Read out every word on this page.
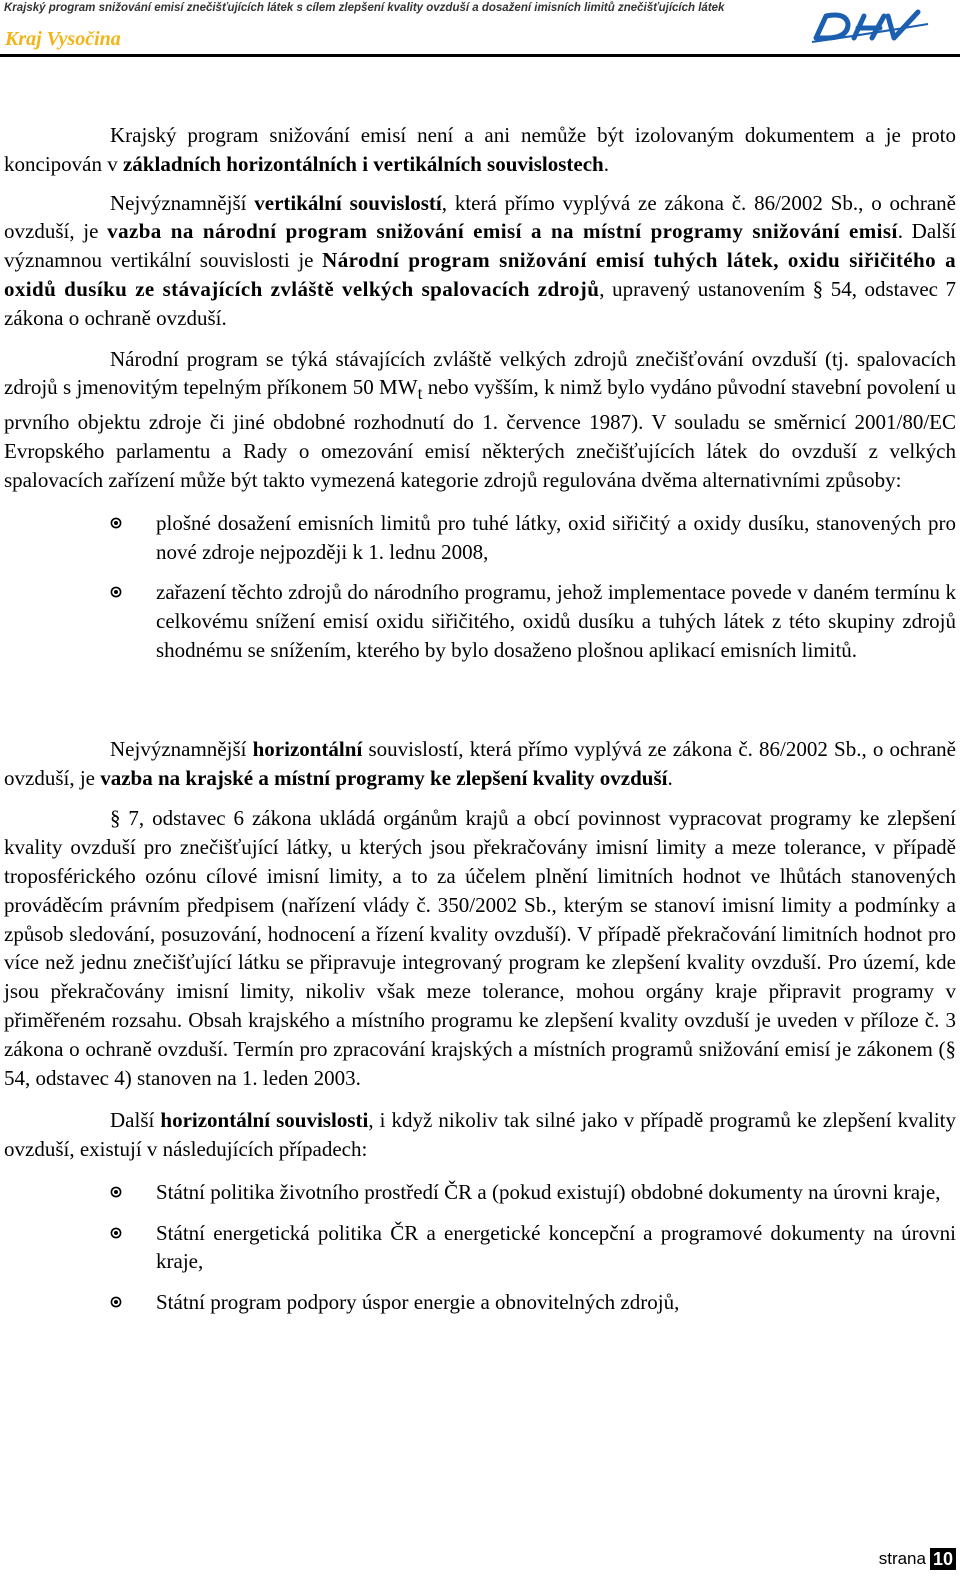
Krajský program snižování emisí znečišťujících látek s cílem zlepšení kvality ovzduší a dosažení imisních limitů znečišťujících látek
Kraj Vysočina

Krajský program snižování emisí není a ani nemůže být izolovaným dokumentem a je proto koncipován v základních horizontálních i vertikálních souvislostech.

Nejvýznamnější vertikální souvislostí, která přímo vyplývá ze zákona č. 86/2002 Sb., o ochraně ovzduší, je vazba na národní program snižování emisí a na místní programy snižování emisí. Další významnou vertikální souvislosti je Národní program snižování emisí tuhých látek, oxidu siřičitého a oxidů dusíku ze stávajících zvláště velkých spalovacích zdrojů, upravený ustanovením § 54, odstavec 7 zákona o ochraně ovzduší.

Národní program se týká stávajících zvláště velkých zdrojů znečišťování ovzduší (tj. spalovacích zdrojů s jmenovitým tepelným příkonem 50 $MW_t$ nebo vyšším, k nimž bylo vydáno původní stavební povolení u prvního objektu zdroje či jiné obdobné rozhodnutí do 1. července 1987). V souladu se směrnicí 2001/80/EC Evropského parlamentu a Rady o omezování emisí některých znečišťujících látek do ovzduší z velkých spalovacích zařízení může být takto vymezená kategorie zdrojů regulována dvěma alternativními způsoby:

plošné dosažení emisních limitů pro tuhé látky, oxid siřičitý a oxidy dusíku, stanovených pro nové zdroje nejpozději k 1. lednu 2008,

zařazení těchto zdrojů do národního programu, jehož implementace povede v daném termínu k celkovému snížení emisí oxidu siřičitého, oxidů dusíku a tuhých látek z této skupiny zdrojů shodnému se snížením, kterého by bylo dosaženo plošnou aplikací emisních limitů.

Nejvýznamnější horizontální souvislostí, která přímo vyplývá ze zákona č. 86/2002 Sb., o ochraně ovzduší, je vazba na krajské a místní programy ke zlepšení kvality ovzduší.

§ 7, odstavec 6 zákona ukládá orgánům krajů a obcí povinnost vypracovat programy ke zlepšení kvality ovzduší pro znečišťující látky, u kterých jsou překračovány imisní limity a meze tolerance, v případě troposférického ozónu cílové imisní limity, a to za účelem plnění limitních hodnot ve lhůtách stanovených prováděcím právním předpisem (nařízení vlády č. 350/2002 Sb., kterým se stanoví imisní limity a podmínky a způsob sledování, posuzování, hodnocení a řízení kvality ovzduší). V případě překračování limitních hodnot pro více než jednu znečišťující látku se připravuje integrovaný program ke zlepšení kvality ovzduší. Pro území, kde jsou překračovány imisní limity, nikoliv však meze tolerance, mohou orgány kraje připravit programy v přiměřeném rozsahu. Obsah krajského a místního programu ke zlepšení kvality ovzduší je uveden v příloze č. 3 zákona o ochraně ovzduší. Termín pro zpracování krajských a místních programů snižování emisí je zákonem (§ 54, odstavec 4) stanoven na 1. leden 2003.

Další horizontální souvislosti, i když nikoliv tak silné jako v případě programů ke zlepšení kvality ovzduší, existují v následujících případech:

Státní politika životního prostředí ČR a (pokud existují) obdobné dokumenty na úrovni kraje,

Státní energetická politika ČR a energetické koncepční a programové dokumenty na úrovni kraje,

Státní program podpory úspor energie a obnovitelných zdrojů,

strana 10
